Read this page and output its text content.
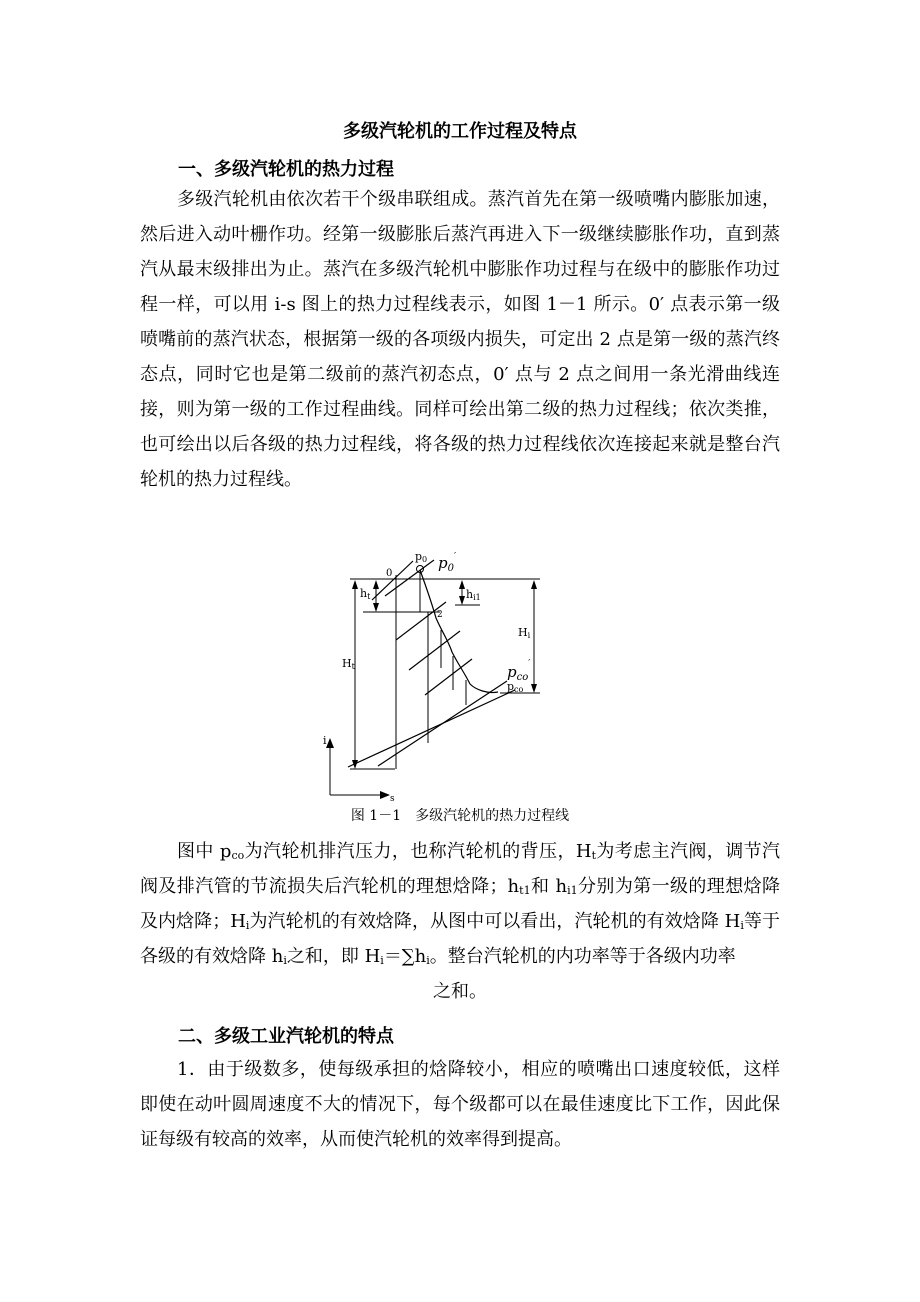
多级汽轮机的工作过程及特点
一、多级汽轮机的热力过程

多级汽轮机由依次若干个级串联组成。蒸汽首先在第一级喷嘴内膨胀加速，然后进入动叶栅作功。经第一级膨胀后蒸汽再进入下一级继续膨胀作功，直到蒸汽从最末级排出为止。蒸汽在多级汽轮机中膨胀作功过程与在级中的膨胀作功过程一样，可以用 i-s 图上的热力过程线表示，如图 1－1 所示。0′ 点表示第一级喷嘴前的蒸汽状态，根据第一级的各项级内损失，可定出 2 点是第一级的蒸汽终态点，同时它也是第二级前的蒸汽初态点，0′ 点与 2 点之间用一条光滑曲线连接，则为第一级的工作过程曲线。同样可绘出第二级的热力过程线；依次类推，也可绘出以后各级的热力过程线，将各级的热力过程线依次连接起来就是整台汽轮机的热力过程线。

0
p0 $p_0'$
2
ht	hi1
Hi
Ht	$p_{co}'$
pco
i
s
图 1－1　多级汽轮机的热力过程线

图中 $p_{co}$为汽轮机排汽压力，也称汽轮机的背压，$H_t$为考虑主汽阀，调节汽阀及排汽管的节流损失后汽轮机的理想焓降；$h_{t1}$和 $h_{i1}$分别为第一级的理想焓降及内焓降；$H_i$为汽轮机的有效焓降，从图中可以看出，汽轮机的有效焓降 $H_i$等于各级的有效焓降 $h_i$之和，即 $H_i=\sum h_i$。整台汽轮机的内功率等于各级内功率

之和。

二、多级工业汽轮机的特点

1．由于级数多，使每级承担的焓降较小，相应的喷嘴出口速度较低，这样即使在动叶圆周速度不大的情况下，每个级都可以在最佳速度比下工作，因此保证每级有较高的效率，从而使汽轮机的效率得到提高。
